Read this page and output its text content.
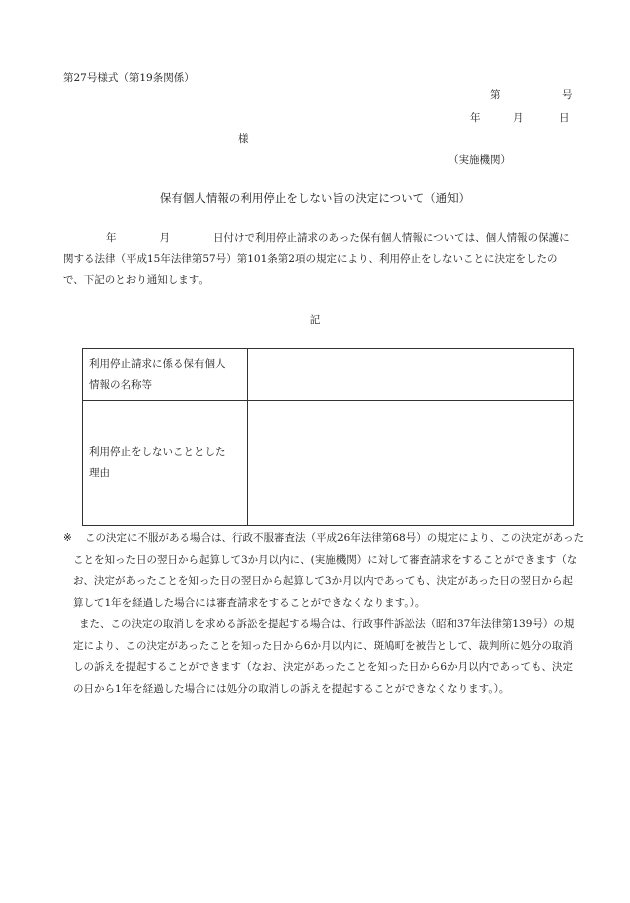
第27号様式（第19条関係）
第	号
年	月	日
様
（実施機関）
保有個人情報の利用停止をしない旨の決定について（通知）
年	月	日付けで利用停止請求のあった保有個人情報については、個人情報の保護に
関する法律（平成15年法律第57号）第101条第2項の規定により、利用停止をしないことに決定をしたの
で、下記のとおり通知します。
記
利用停止請求に係る保有個人
情報の名称等	
利用停止をしないこととした
理由	
※ この決定に不服がある場合は、行政不服審査法（平成26年法律第68号）の規定により、この決定があった
ことを知った日の翌日から起算して3か月以内に、(実施機関）に対して審査請求をすることができます（な
お、決定があったことを知った日の翌日から起算して3か月以内であっても、決定があった日の翌日から起
算して1年を経過した場合には審査請求をすることができなくなります。）。
また、この決定の取消しを求める訴訟を提起する場合は、行政事件訴訟法（昭和37年法律第139号）の規
定により、この決定があったことを知った日から6か月以内に、斑鳩町を被告として、裁判所に処分の取消
しの訴えを提起することができます（なお、決定があったことを知った日から6か月以内であっても、決定
の日から1年を経過した場合には処分の取消しの訴えを提起することができなくなります。）。
